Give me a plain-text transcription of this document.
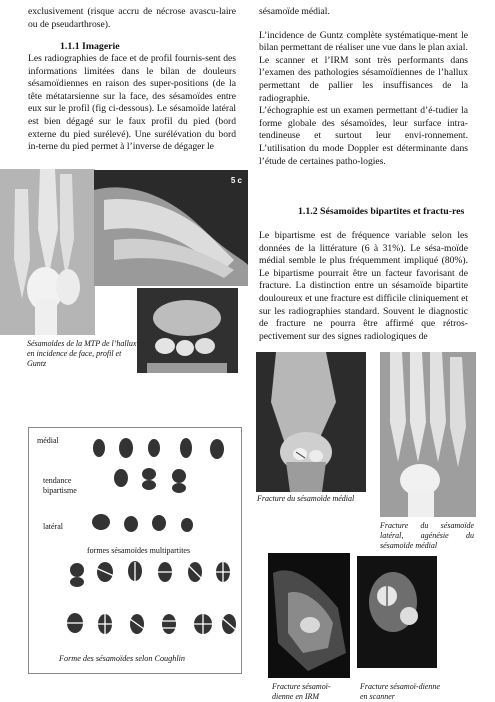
exclusivement (risque accru de nécrose avascu-laire ou de pseudarthrose).

1.1.1 Imagerie

Les radiographies de face et de profil fournis-sent des informations limitées dans le bilan de douleurs sésamoïdiennes en raison des super-positions (de la tête métatarsienne sur la face, des sésamoïdes entre eux sur le profil (fig ci-dessous). Le sésamoïde latéral est bien dégagé sur le faux profil du pied (bord externe du pied surélevé). Une surélévation du bord in-terne du pied permet à l’inverse de dégager le

5 c
Sésamoïdes de la MTP de l’hallux en incidence de face, profil et Guntz
médial
tendance bipartisme
latéral
formes sésamoïdes multipartites
Forme des sésamoïdes selon Coughlin

sésamoïde médial.

L’incidence de Guntz complète systématique-ment le bilan permettant de réaliser une vue dans le plan axial.

Le scanner et l’IRM sont très performants dans l’examen des pathologies sésamoïdiennes de l’hallux permettant de pallier les insuffisances de la radiographie.

L’échographie est un examen permettant d’é-tudier la forme globale des sésamoïdes, leur surface intra-tendineuse et surtout leur envi-ronnement. L’utilisation du mode Doppler est déterminante dans l’étude de certaines patho-logies.

1.1.2 Sésamoïdes bipartites et fractu-res

Le bipartisme est de fréquence variable selon les données de la littérature (6 à 31%). Le sésa-moïde médial semble le plus fréquemment impliqué (80%). Le bipartisme pourrait être un facteur favorisant de fracture. La distinction entre un sésamoïde bipartite douloureux et une fracture est difficile cliniquement et sur les radiographies standard. Souvent le diagnostic de fracture ne pourra être affirmé que rétros-pectivement sur des signes radiologiques de

Fracture du sésamoïde médial
Fracture du sésamoïde latéral, agénésie du sésamoïde médial
Fracture sésamoï-dienne en IRM
Fracture sésamoï-dienne en scanner
